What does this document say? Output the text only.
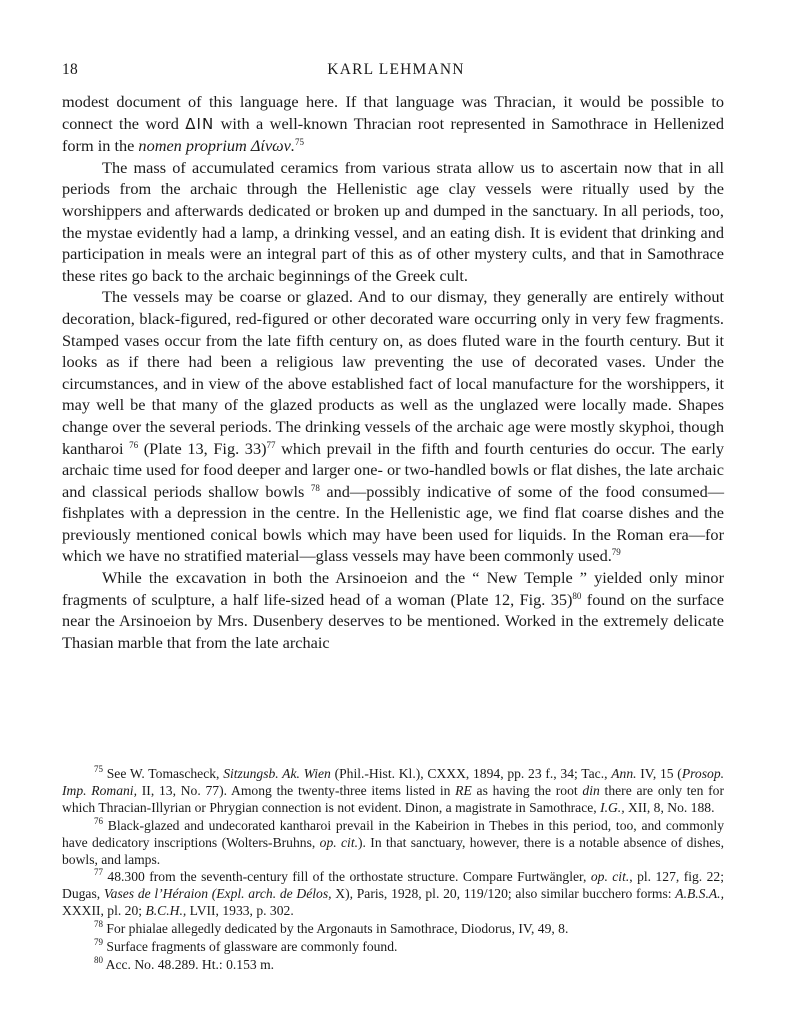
18	KARL LEHMANN

modest document of this language here. If that language was Thracian, it would be possible to connect the word ΔΙΝ with a well-known Thracian root represented in Samothrace in Hellenized form in the nomen proprium Δίνων.$^{75}$

The mass of accumulated ceramics from various strata allow us to ascertain now that in all periods from the archaic through the Hellenistic age clay vessels were ritually used by the worshippers and afterwards dedicated or broken up and dumped in the sanctuary. In all periods, too, the mystae evidently had a lamp, a drinking vessel, and an eating dish. It is evident that drinking and participation in meals were an integral part of this as of other mystery cults, and that in Samothrace these rites go back to the archaic beginnings of the Greek cult.

The vessels may be coarse or glazed. And to our dismay, they generally are entirely without decoration, black-figured, red-figured or other decorated ware occurring only in very few fragments. Stamped vases occur from the late fifth century on, as does fluted ware in the fourth century. But it looks as if there had been a religious law preventing the use of decorated vases. Under the circumstances, and in view of the above established fact of local manufacture for the worshippers, it may well be that many of the glazed products as well as the unglazed were locally made. Shapes change over the several periods. The drinking vessels of the archaic age were mostly skyphoi, though kantharoi $^{76}$ (Plate 13, Fig. 33)$^{77}$ which prevail in the fifth and fourth centuries do occur. The early archaic time used for food deeper and larger one- or two-handled bowls or flat dishes, the late archaic and classical periods shallow bowls $^{78}$ and—possibly indicative of some of the food consumed—fishplates with a depression in the centre. In the Hellenistic age, we find flat coarse dishes and the previously mentioned conical bowls which may have been used for liquids. In the Roman era—for which we have no stratified material—glass vessels may have been commonly used.$^{79}$

While the excavation in both the Arsinoeion and the “ New Temple ” yielded only minor fragments of sculpture, a half life-sized head of a woman (Plate 12, Fig. 35)$^{80}$ found on the surface near the Arsinoeion by Mrs. Dusenbery deserves to be mentioned. Worked in the extremely delicate Thasian marble that from the late archaic

$^{75}$ See W. Tomascheck, Sitzungsb. Ak. Wien (Phil.-Hist. Kl.), CXXX, 1894, pp. 23 f., 34; Tac., Ann. IV, 15 (Prosop. Imp. Romani, II, 13, No. 77). Among the twenty-three items listed in RE as having the root din there are only ten for which Thracian-Illyrian or Phrygian connection is not evident. Dinon, a magistrate in Samothrace, I.G., XII, 8, No. 188.

$^{76}$ Black-glazed and undecorated kantharoi prevail in the Kabeirion in Thebes in this period, too, and commonly have dedicatory inscriptions (Wolters-Bruhns, op. cit.). In that sanctuary, however, there is a notable absence of dishes, bowls, and lamps.

$^{77}$ 48.300 from the seventh-century fill of the orthostate structure. Compare Furtwängler, op. cit., pl. 127, fig. 22; Dugas, Vases de l’Héraion (Expl. arch. de Délos, X), Paris, 1928, pl. 20, 119/120; also similar bucchero forms: A.B.S.A., XXXII, pl. 20; B.C.H., LVII, 1933, p. 302.

$^{78}$ For phialae allegedly dedicated by the Argonauts in Samothrace, Diodorus, IV, 49, 8.

$^{79}$ Surface fragments of glassware are commonly found.

$^{80}$ Acc. No. 48.289. Ht.: 0.153 m.
